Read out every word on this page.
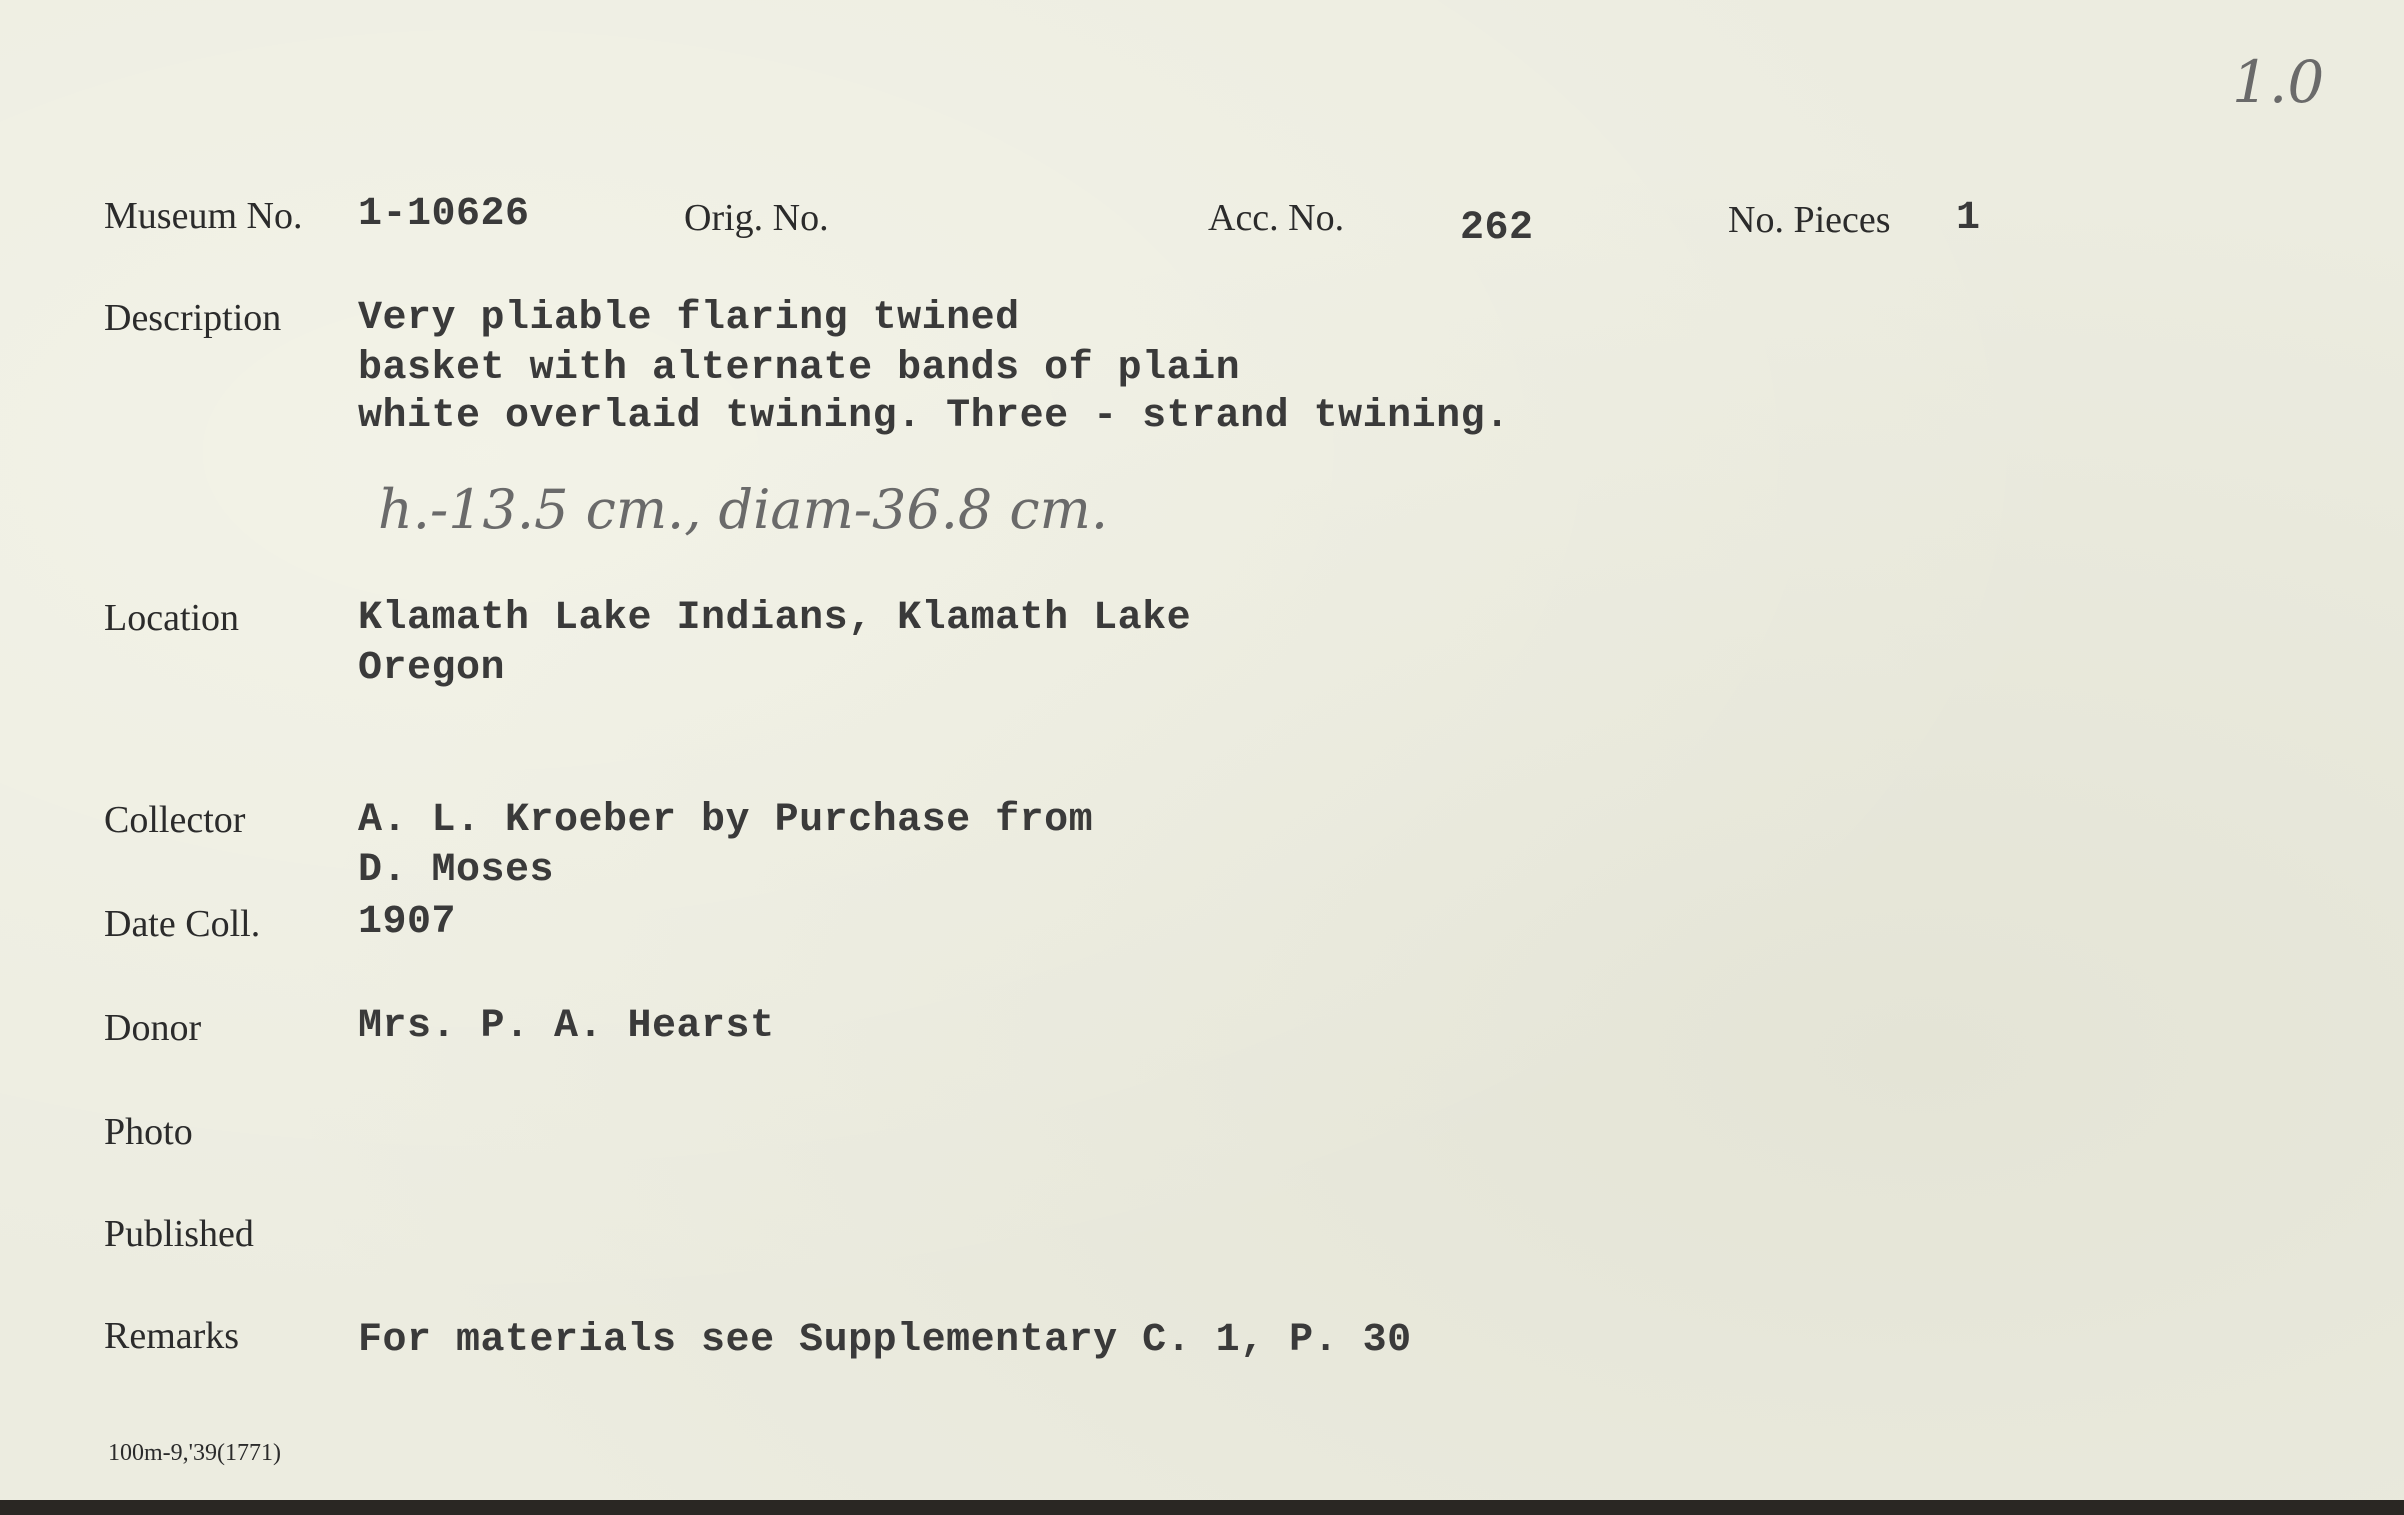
1.0
Museum No. 1-10626	Orig. No.	Acc. No.	262	No. Pieces 1
Description Very pliable flaring twined
basket with alternate bands of plain
white overlaid twining. Three - strand twining.
h.-13.5 cm., diam-36.8 cm.
Location	Klamath Lake Indians, Klamath Lake
Oregon
Collector	A. L. Kroeber by Purchase from
D. Moses
Date Coll. 1907
Donor	Mrs. P. A. Hearst
Photo
Published
Remarks	For materials see Supplementary C. 1, P. 30
100m-9,'39(1771)
